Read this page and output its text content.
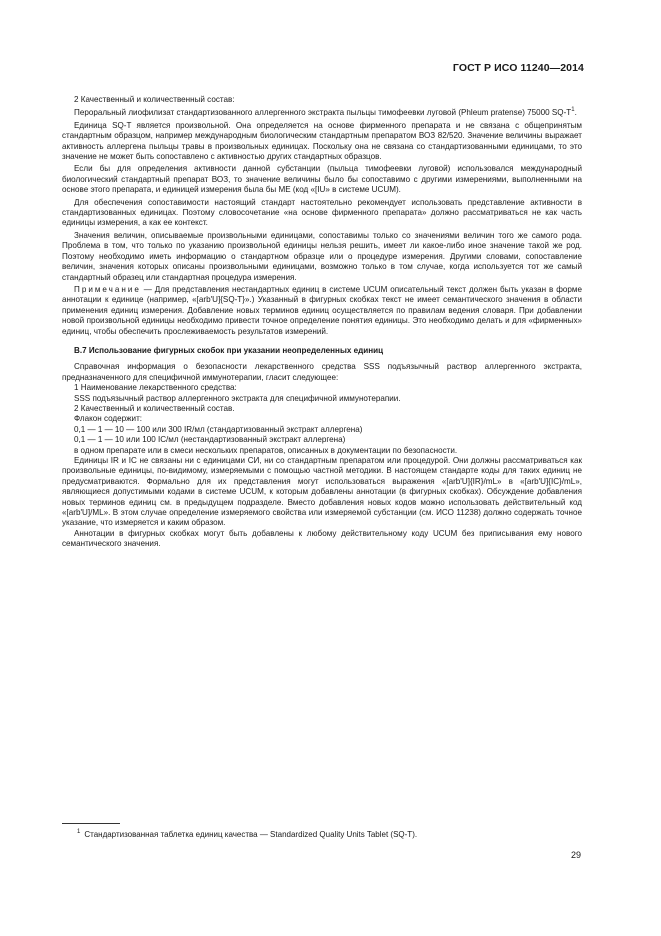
ГОСТ Р ИСО 11240—2014

2 Качественный и количественный состав:

Пероральный лиофилизат стандартизованного аллергенного экстракта пыльцы тимофеевки луговой (Phleum pratense) 75000 SQ-T$^1$.

Единица SQ-T является произвольной. Она определяется на основе фирменного препарата и не связана с общепринятым стандартным образцом, например международным биологическим стандартным препаратом ВОЗ 82/520. Значение величины выражает активность аллергена пыльцы травы в произвольных единицах. Поскольку она не связана со стандартизованными единицами, то это значение не может быть сопоставлено с активностью других стандартных образцов.

Если бы для определения активности данной субстанции (пыльца тимофеевки луговой) использовался международный биологический стандартный препарат ВОЗ, то значение величины было бы сопоставимо с другими измерениями, выполненными на основе этого препарата, и единицей измерения была бы МЕ (код «[IU» в системе UCUM).

Для обеспечения сопоставимости настоящий стандарт настоятельно рекомендует использовать представление активности в стандартизованных единицах. Поэтому словосочетание «на основе фирменного препарата» должно рассматриваться не как часть единицы измерения, а как ее контекст.

Значения величин, описываемые произвольными единицами, сопоставимы только со значениями величин того же самого рода. Проблема в том, что только по указанию произвольной единицы нельзя решить, имеет ли какое-либо иное значение такой же род. Поэтому необходимо иметь информацию о стандартном образце или о процедуре измерения. Другими словами, сопоставление величин, значения которых описаны произвольными единицами, возможно только в том случае, когда используется тот же самый стандартный образец или стандартная процедура измерения.

Примечание — Для представления нестандартных единиц в системе UCUM описательный текст должен быть указан в форме аннотации к единице (например, «[arb'U]{SQ-T}».) Указанный в фигурных скобках текст не имеет семантического значения в области применения единиц измерения. Добавление новых терминов единиц осуществляется по правилам ведения словаря. При добавлении новой произвольной единицы необходимо привести точное определение понятия единицы. Это необходимо делать и для «фирменных» единиц, чтобы обеспечить прослеживаемость результатов измерений.

В.7 Использование фигурных скобок при указании неопределенных единиц

Справочная информация о безопасности лекарственного средства SSS подъязычный раствор аллергенного экстракта, предназначенного для специфичной иммунотерапии, гласит следующее:

1 Наименование лекарственного средства:

SSS подъязычный раствор аллергенного экстракта для специфичной иммунотерапии.

2 Качественный и количественный состав.

Флакон содержит:

0,1 — 1 — 10 — 100 или 300 IR/мл (стандартизованный экстракт аллергена)

0,1 — 1 — 10 или 100 IC/мл (нестандартизованный экстракт аллергена)

в одном препарате или в смеси нескольких препаратов, описанных в документации по безопасности.

Единицы IR и IC не связаны ни с единицами СИ, ни со стандартным препаратом или процедурой. Они должны рассматриваться как произвольные единицы, по-видимому, измеряемыми с помощью частной методики. В настоящем стандарте коды для таких единиц не предусматриваются. Формально для их представления могут использоваться выражения «[arb'U]{IR}/mL» в «[arb'U]{IC}/mL», являющиеся допустимыми кодами в системе UCUM, к которым добавлены аннотации (в фигурных скобках). Обсуждение добавления новых терминов единиц см. в предыдущем подразделе. Вместо добавления новых кодов можно использовать действительный код «[arb'U]/ML». В этом случае определение измеряемого свойства или измеряемой субстанции (см. ИСО 11238) должно содержать точное указание, что измеряется и каким образом.

Аннотации в фигурных скобках могут быть добавлены к любому действительному коду UCUM без приписывания ему нового семантического значения.

$^1$ Стандартизованная таблетка единиц качества — Standardized Quality Units Tablet (SQ-T).
29
